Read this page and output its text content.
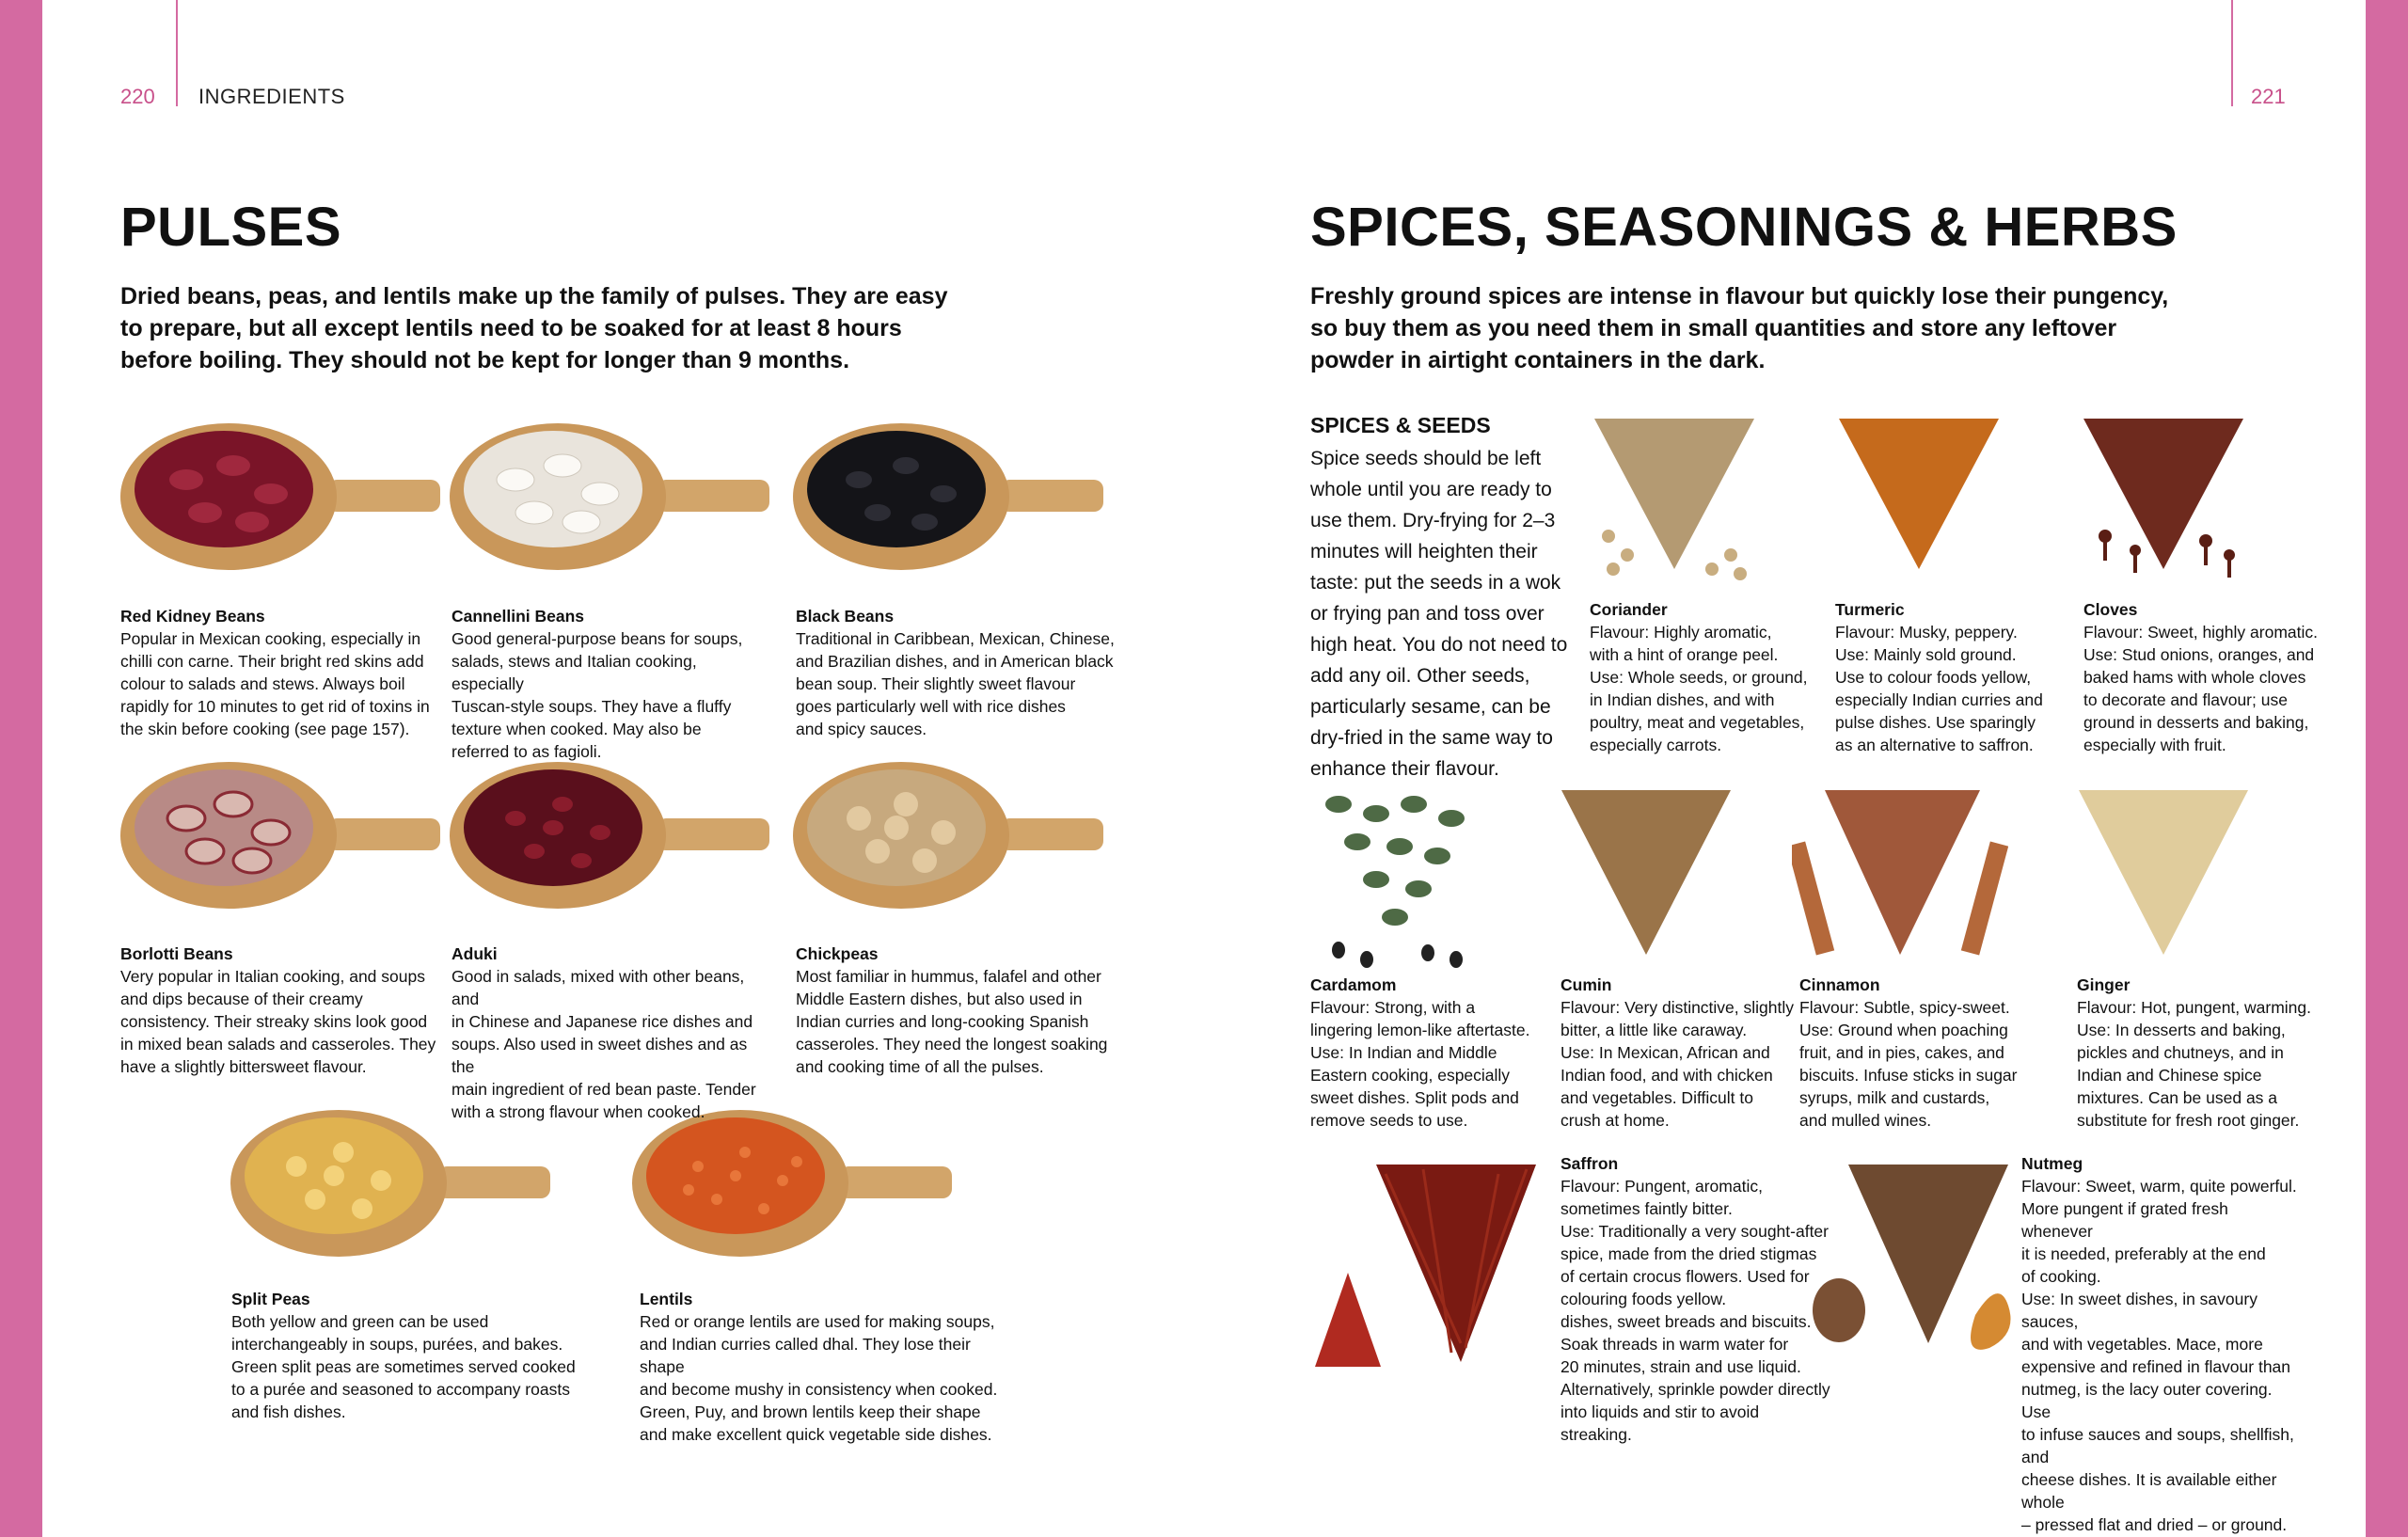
220 INGREDIENTS	221
PULSES

Dried beans, peas, and lentils make up the family of pulses. They are easy
to prepare, but all except lentils need to be soaked for at least 8 hours
before boiling. They should not be kept for longer than 9 months.

Red Kidney Beans

Popular in Mexican cooking, especially in
chilli con carne. Their bright red skins add
colour to salads and stews. Always boil
rapidly for 10 minutes to get rid of toxins in
the skin before cooking (see page 157).

Cannellini Beans

Good general-purpose beans for soups,
salads, stews and Italian cooking, especially
Tuscan-style soups. They have a fluffy
texture when cooked. May also be
referred to as fagioli.

Black Beans

Traditional in Caribbean, Mexican, Chinese,
and Brazilian dishes, and in American black
bean soup. Their slightly sweet flavour
goes particularly well with rice dishes
and spicy sauces.

Borlotti Beans

Very popular in Italian cooking, and soups
and dips because of their creamy
consistency. Their streaky skins look good
in mixed bean salads and casseroles. They
have a slightly bittersweet flavour.

Aduki

Good in salads, mixed with other beans, and
in Chinese and Japanese rice dishes and
soups. Also used in sweet dishes and as the
main ingredient of red bean paste. Tender
with a strong flavour when cooked.

Chickpeas

Most familiar in hummus, falafel and other
Middle Eastern dishes, but also used in
Indian curries and long-cooking Spanish
casseroles. They need the longest soaking
and cooking time of all the pulses.

Split Peas

Both yellow and green can be used
interchangeably in soups, purées, and bakes.
Green split peas are sometimes served cooked
to a purée and seasoned to accompany roasts
and fish dishes.

Lentils

Red or orange lentils are used for making soups,
and Indian curries called dhal. They lose their shape
and become mushy in consistency when cooked.
Green, Puy, and brown lentils keep their shape
and make excellent quick vegetable side dishes.

SPICES, SEASONINGS & HERBS

Freshly ground spices are intense in flavour but quickly lose their pungency,
so buy them as you need them in small quantities and store any leftover
powder in airtight containers in the dark.

SPICES & SEEDS

Spice seeds should be left whole until you are ready to use them. Dry-frying for 2–3 minutes will heighten their taste: put the seeds in a wok or frying pan and toss over high heat. You do not need to add any oil. Other seeds, particularly sesame, can be dry-fried in the same way to enhance their flavour.

Coriander

Flavour: Highly aromatic,
with a hint of orange peel.
Use: Whole seeds, or ground,
in Indian dishes, and with
poultry, meat and vegetables,
especially carrots.

Turmeric

Flavour: Musky, peppery.
Use: Mainly sold ground.
Use to colour foods yellow,
especially Indian curries and
pulse dishes. Use sparingly
as an alternative to saffron.

Cloves

Flavour: Sweet, highly aromatic.
Use: Stud onions, oranges, and
baked hams with whole cloves
to decorate and flavour; use
ground in desserts and baking,
especially with fruit.

Cardamom

Flavour: Strong, with a
lingering lemon-like aftertaste.
Use: In Indian and Middle
Eastern cooking, especially
sweet dishes. Split pods and
remove seeds to use.

Cumin

Flavour: Very distinctive, slightly
bitter, a little like caraway.
Use: In Mexican, African and
Indian food, and with chicken
and vegetables. Difficult to
crush at home.

Cinnamon

Flavour: Subtle, spicy-sweet.
Use: Ground when poaching
fruit, and in pies, cakes, and
biscuits. Infuse sticks in sugar
syrups, milk and custards,
and mulled wines.

Ginger

Flavour: Hot, pungent, warming.
Use: In desserts and baking,
pickles and chutneys, and in
Indian and Chinese spice
mixtures. Can be used as a
substitute for fresh root ginger.

Saffron

Flavour: Pungent, aromatic,
sometimes faintly bitter.
Use: Traditionally a very sought-after
spice, made from the dried stigmas
of certain crocus flowers. Used for
colouring foods yellow.
dishes, sweet breads and biscuits.
Soak threads in warm water for
20 minutes, strain and use liquid.
Alternatively, sprinkle powder directly
into liquids and stir to avoid streaking.

Nutmeg

Flavour: Sweet, warm, quite powerful.
More pungent if grated fresh whenever
it is needed, preferably at the end
of cooking.
Use: In sweet dishes, in savoury sauces,
and with vegetables. Mace, more
expensive and refined in flavour than
nutmeg, is the lacy outer covering. Use
to infuse sauces and soups, shellfish, and
cheese dishes. It is available either whole
– pressed flat and dried – or ground.
